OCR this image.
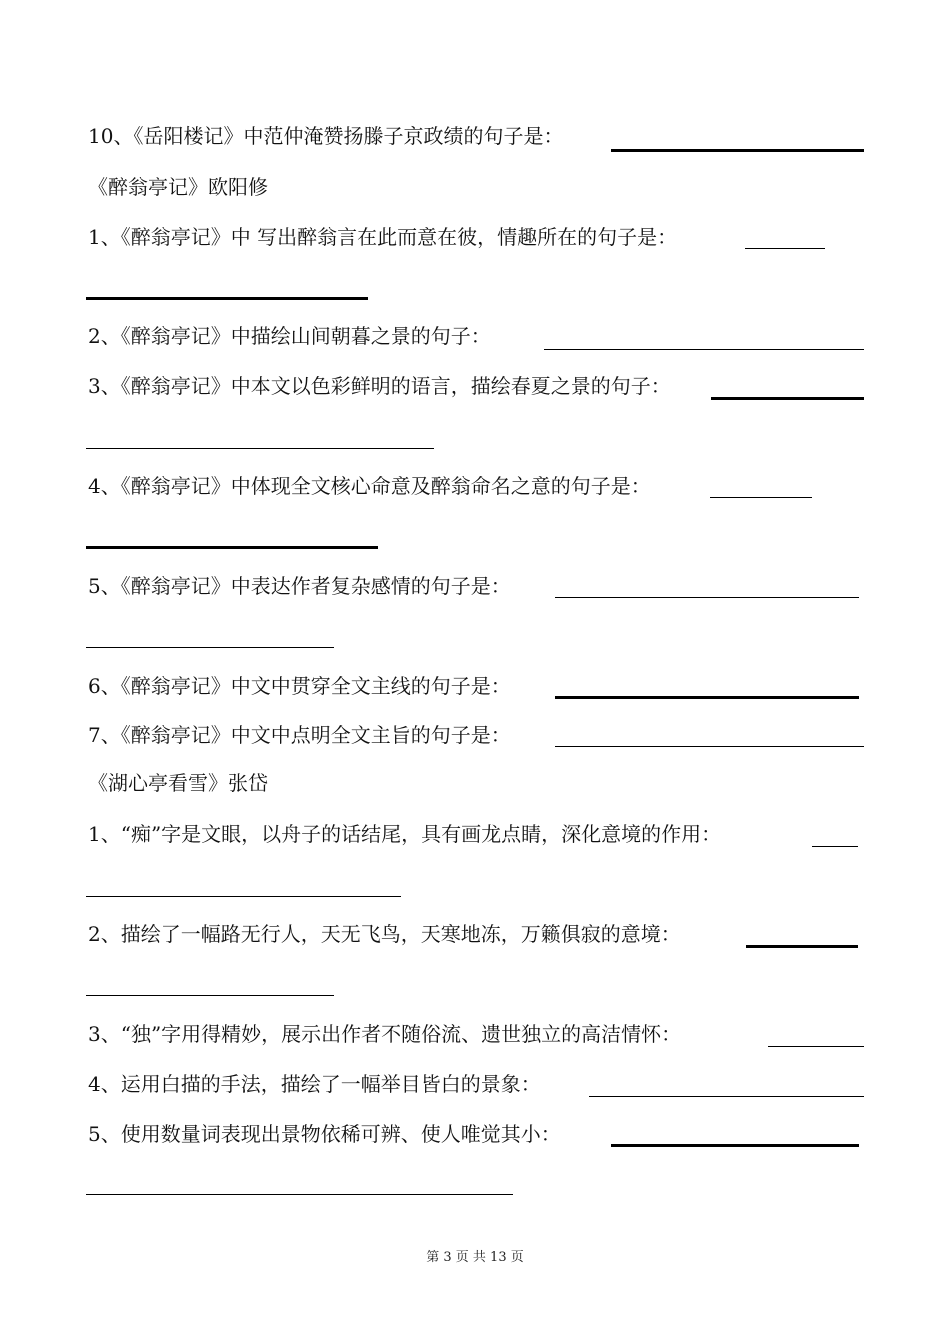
10、《岳阳楼记》中范仲淹赞扬滕子京政绩的句子是：
《醉翁亭记》欧阳修
1、《醉翁亭记》中 写出醉翁言在此而意在彼，情趣所在的句子是：
2、《醉翁亭记》中描绘山间朝暮之景的句子：
3、《醉翁亭记》中本文以色彩鲜明的语言，描绘春夏之景的句子：
4、《醉翁亭记》中体现全文核心命意及醉翁命名之意的句子是：
5、《醉翁亭记》中表达作者复杂感情的句子是：
6、《醉翁亭记》中文中贯穿全文主线的句子是：
7、《醉翁亭记》中文中点明全文主旨的句子是：
《湖心亭看雪》张岱
1、“痴”字是文眼，以舟子的话结尾，具有画龙点睛，深化意境的作用：
2、描绘了一幅路无行人，天无飞鸟，天寒地冻，万籁俱寂的意境：
3、“独”字用得精妙，展示出作者不随俗流、遗世独立的高洁情怀：
4、运用白描的手法，描绘了一幅举目皆白的景象：
5、使用数量词表现出景物依稀可辨、使人唯觉其小：
第 3 页 共 13 页
